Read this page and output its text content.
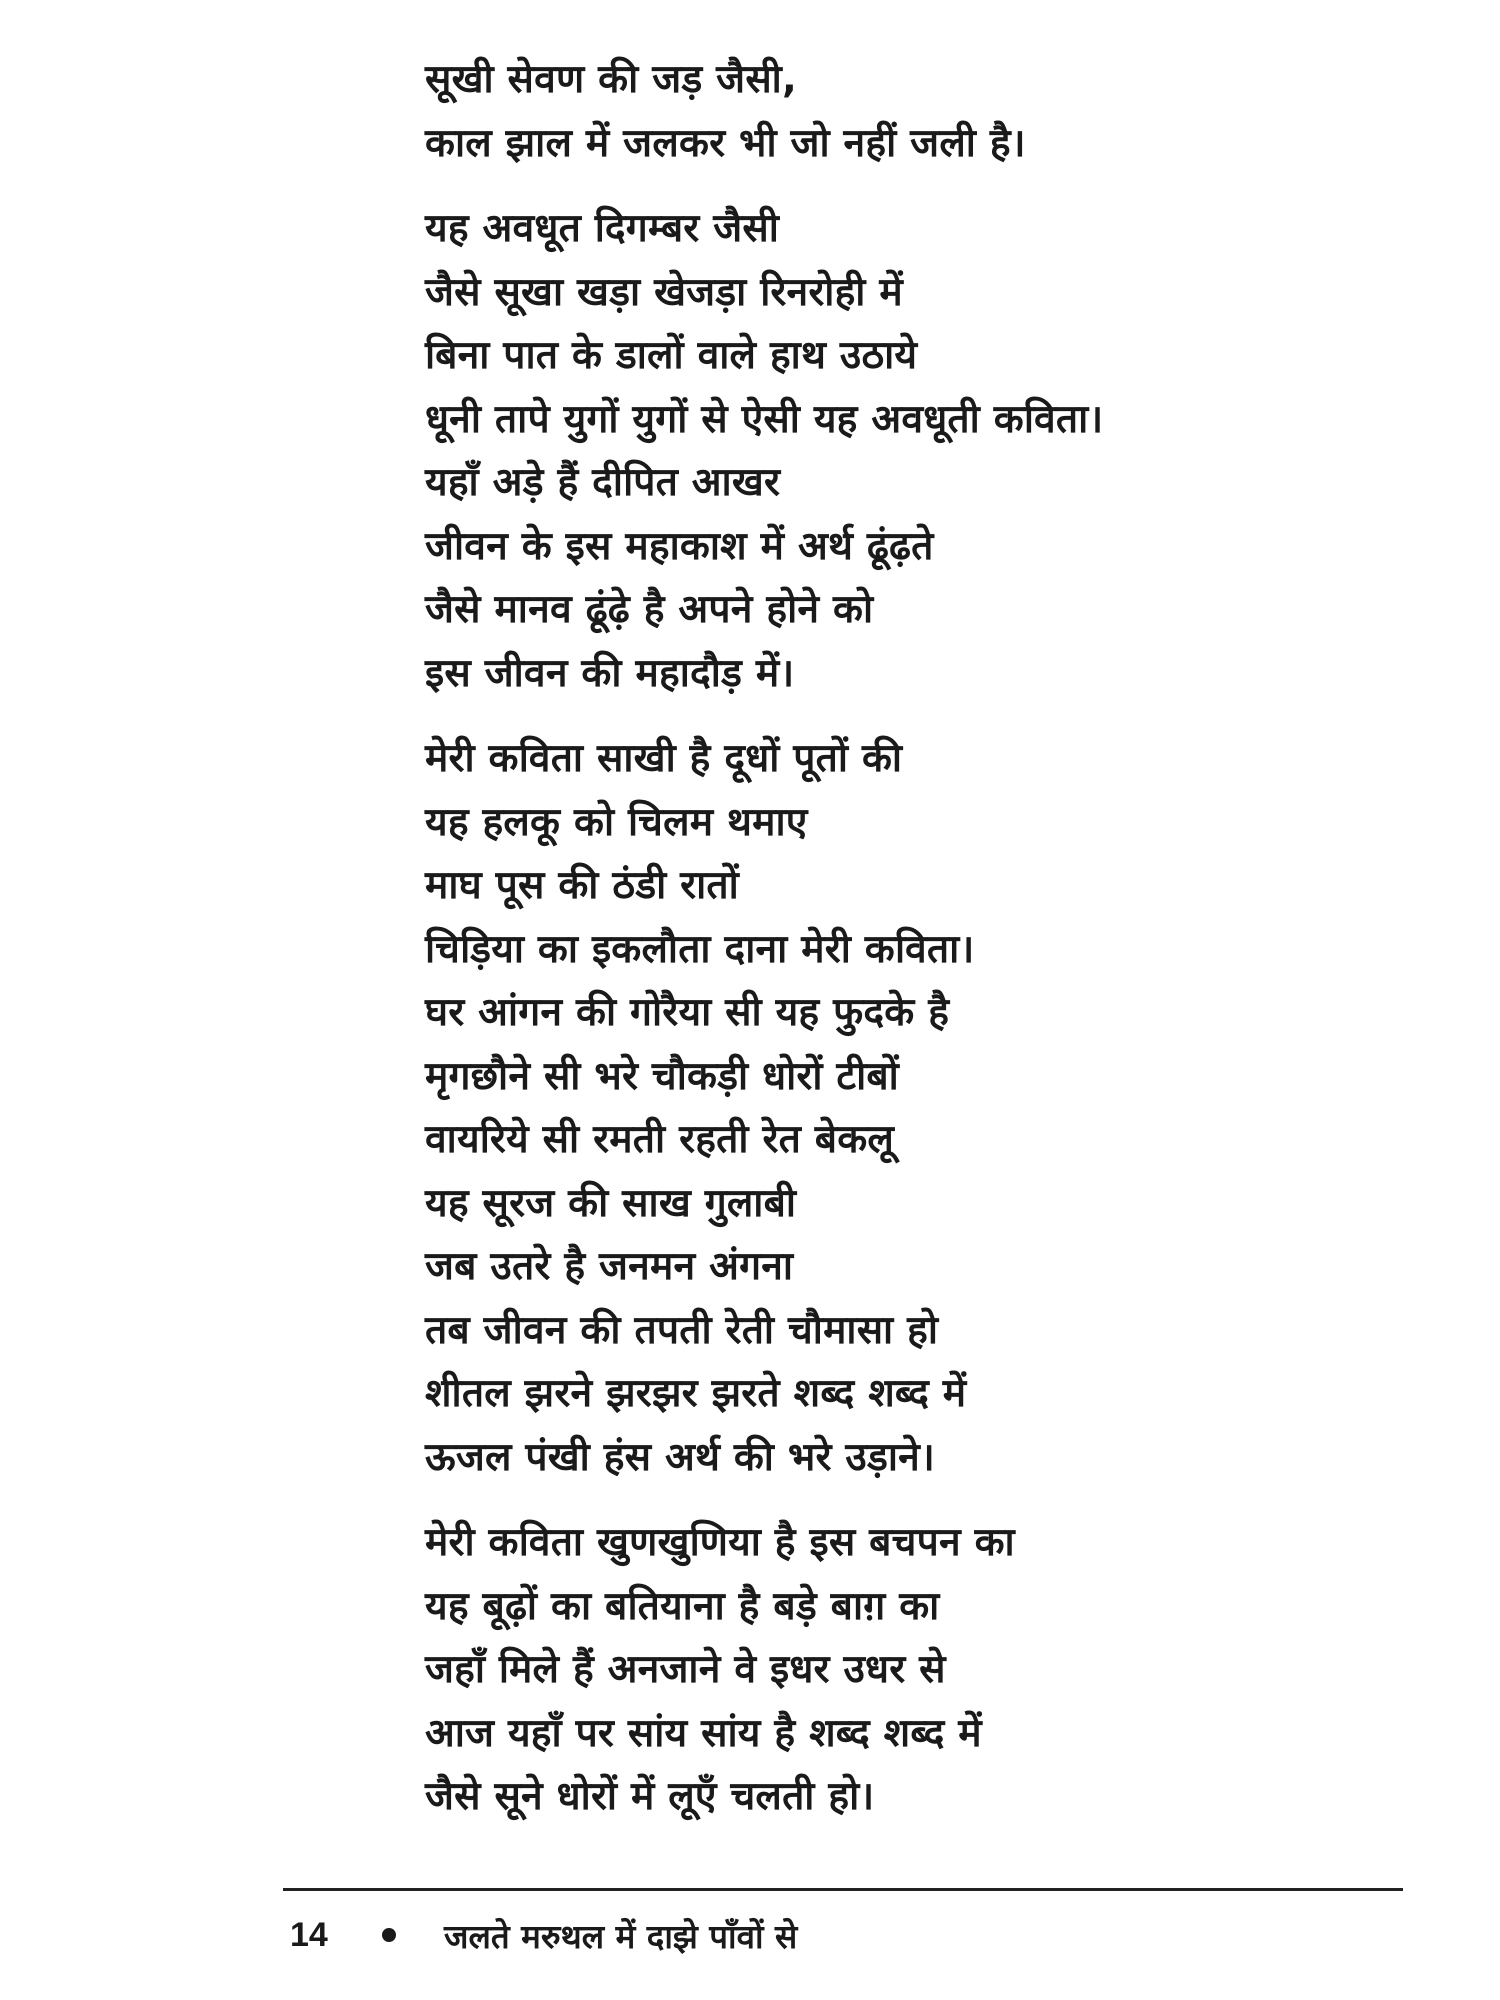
सूखी सेवण की जड़ जैसी,
काल झाल में जलकर भी जो नहीं जली है।
यह अवधूत दिगम्बर जैसी
जैसे सूखा खड़ा खेजड़ा रिनरोही में
बिना पात के डालों वाले हाथ उठाये
धूनी तापे युगों युगों से ऐसी यह अवधूती कविता।
यहाँ अड़े हैं दीपित आखर
जीवन के इस महाकाश में अर्थ ढूंढ़ते
जैसे मानव ढूंढ़े है अपने होने को
इस जीवन की महादौड़ में।
मेरी कविता साखी है दूधों पूतों की
यह हलकू को चिलम थमाए
माघ पूस की ठंडी रातों
चिड़िया का इकलौता दाना मेरी कविता।
घर आंगन की गोरैया सी यह फुदके है
मृगछौने सी भरे चौकड़ी धोरों टीबों
वायरिये सी रमती रहती रेत बेकलू
यह सूरज की साख गुलाबी
जब उतरे है जनमन अंगना
तब जीवन की तपती रेती चौमासा हो
शीतल झरने झरझर झरते शब्द शब्द में
ऊजल पंखी हंस अर्थ की भरे उड़ाने।
मेरी कविता खुणखुणिया है इस बचपन का
यह बूढ़ों का बतियाना है बड़े बाग़ का
जहाँ मिले हैं अनजाने वे इधर उधर से
आज यहाँ पर सांय सांय है शब्द शब्द में
जैसे सूने धोरों में लूएँ चलती हो।
14	जलते मरुथल में दाझे पाँवों से
